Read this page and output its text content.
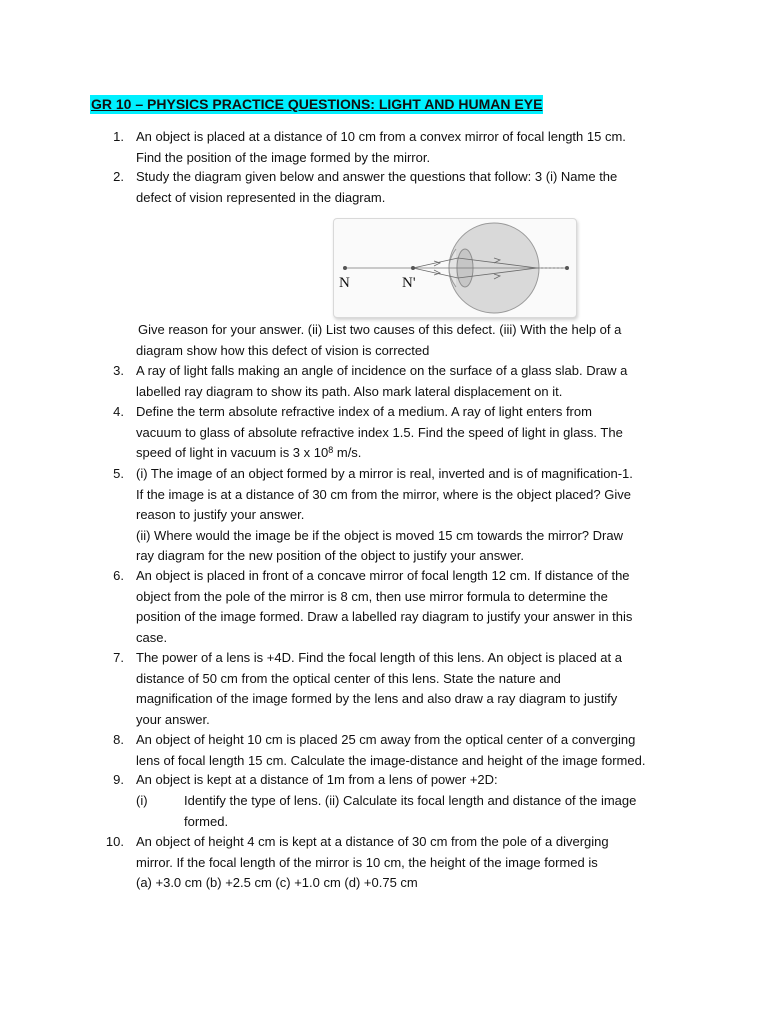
GR 10 – PHYSICS PRACTICE QUESTIONS: LIGHT AND HUMAN EYE
1. An object is placed at a distance of 10 cm from a convex mirror of focal length 15 cm.
Find the position of the image formed by the mirror.
2. Study the diagram given below and answer the questions that follow: 3 (i) Name the
defect of vision represented in the diagram.
N	N'
Give reason for your answer. (ii) List two causes of this defect. (iii) With the help of a
diagram show how this defect of vision is corrected
3. A ray of light falls making an angle of incidence on the surface of a glass slab. Draw a
labelled ray diagram to show its path. Also mark lateral displacement on it.
4. Define the term absolute refractive index of a medium. A ray of light enters from
vacuum to glass of absolute refractive index 1.5. Find the speed of light in glass. The
speed of light in vacuum is 3 x $10^8$ m/s.
5. (i) The image of an object formed by a mirror is real, inverted and is of magnification-1.
If the image is at a distance of 30 cm from the mirror, where is the object placed? Give
reason to justify your answer.
(ii) Where would the image be if the object is moved 15 cm towards the mirror? Draw
ray diagram for the new position of the object to justify your answer.
6. An object is placed in front of a concave mirror of focal length 12 cm. If distance of the
object from the pole of the mirror is 8 cm, then use mirror formula to determine the
position of the image formed. Draw a labelled ray diagram to justify your answer in this
case.
7. The power of a lens is +4D. Find the focal length of this lens. An object is placed at a
distance of 50 cm from the optical center of this lens. State the nature and
magnification of the image formed by the lens and also draw a ray diagram to justify
your answer.
8. An object of height 10 cm is placed 25 cm away from the optical center of a converging
lens of focal length 15 cm. Calculate the image-distance and height of the image formed.
9. An object is kept at a distance of 1m from a lens of power +2D:
(i)	Identify the type of lens. (ii) Calculate its focal length and distance of the image
formed.
10. An object of height 4 cm is kept at a distance of 30 cm from the pole of a diverging
mirror. If the focal length of the mirror is 10 cm, the height of the image formed is
(a) +3.0 cm (b) +2.5 cm (c) +1.0 cm (d) +0.75 cm
